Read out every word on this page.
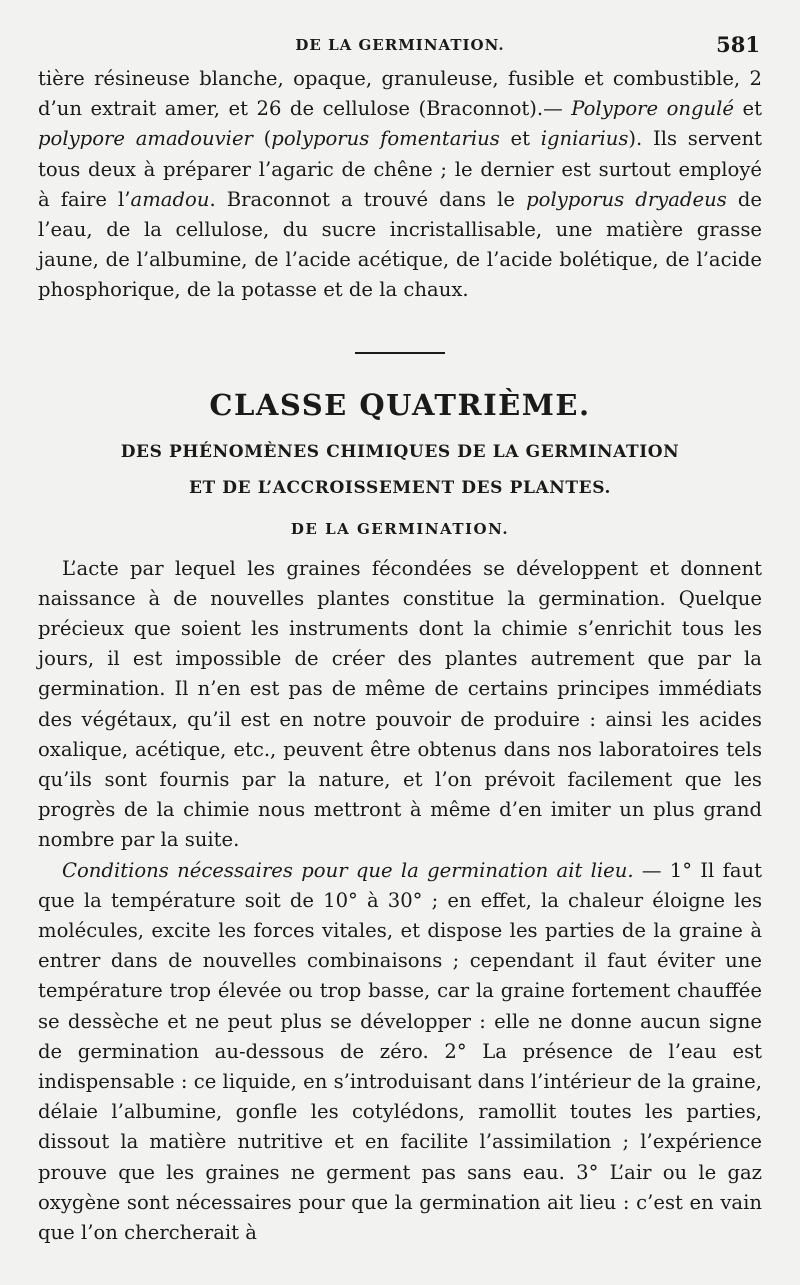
DE LA GERMINATION.	581

tière résineuse blanche, opaque, granuleuse, fusible et combustible, 2 d’un extrait amer, et 26 de cellulose (Braconnot).— Polypore ongulé et polypore amadouvier (polyporus fomentarius et igniarius). Ils servent tous deux à préparer l’agaric de chêne ; le dernier est surtout employé à faire l’amadou. Braconnot a trouvé dans le polyporus dryadeus de l’eau, de la cellulose, du sucre incristallisable, une matière grasse jaune, de l’albumine, de l’acide acétique, de l’acide bolétique, de l’acide phosphorique, de la potasse et de la chaux.

CLASSE QUATRIÈME.
DES PHÉNOMÈNES CHIMIQUES DE LA GERMINATION
ET DE L’ACCROISSEMENT DES PLANTES.
DE LA GERMINATION.

L’acte par lequel les graines fécondées se développent et donnent naissance à de nouvelles plantes constitue la germination. Quelque précieux que soient les instruments dont la chimie s’enrichit tous les jours, il est impossible de créer des plantes autrement que par la germination. Il n’en est pas de même de certains principes immédiats des végétaux, qu’il est en notre pouvoir de produire : ainsi les acides oxalique, acétique, etc., peuvent être obtenus dans nos laboratoires tels qu’ils sont fournis par la nature, et l’on prévoit facilement que les progrès de la chimie nous mettront à même d’en imiter un plus grand nombre par la suite.

Conditions nécessaires pour que la germination ait lieu. — 1° Il faut que la température soit de 10° à 30° ; en effet, la chaleur éloigne les molécules, excite les forces vitales, et dispose les parties de la graine à entrer dans de nouvelles combinaisons ; cependant il faut éviter une température trop élevée ou trop basse, car la graine fortement chauffée se dessèche et ne peut plus se développer : elle ne donne aucun signe de germination au-dessous de zéro. 2° La présence de l’eau est indispensable : ce liquide, en s’introduisant dans l’intérieur de la graine, délaie l’albumine, gonfle les cotylédons, ramollit toutes les parties, dissout la matière nutritive et en facilite l’assimilation ; l’expérience prouve que les graines ne germent pas sans eau. 3° L’air ou le gaz oxygène sont nécessaires pour que la germination ait lieu : c’est en vain que l’on chercherait à
